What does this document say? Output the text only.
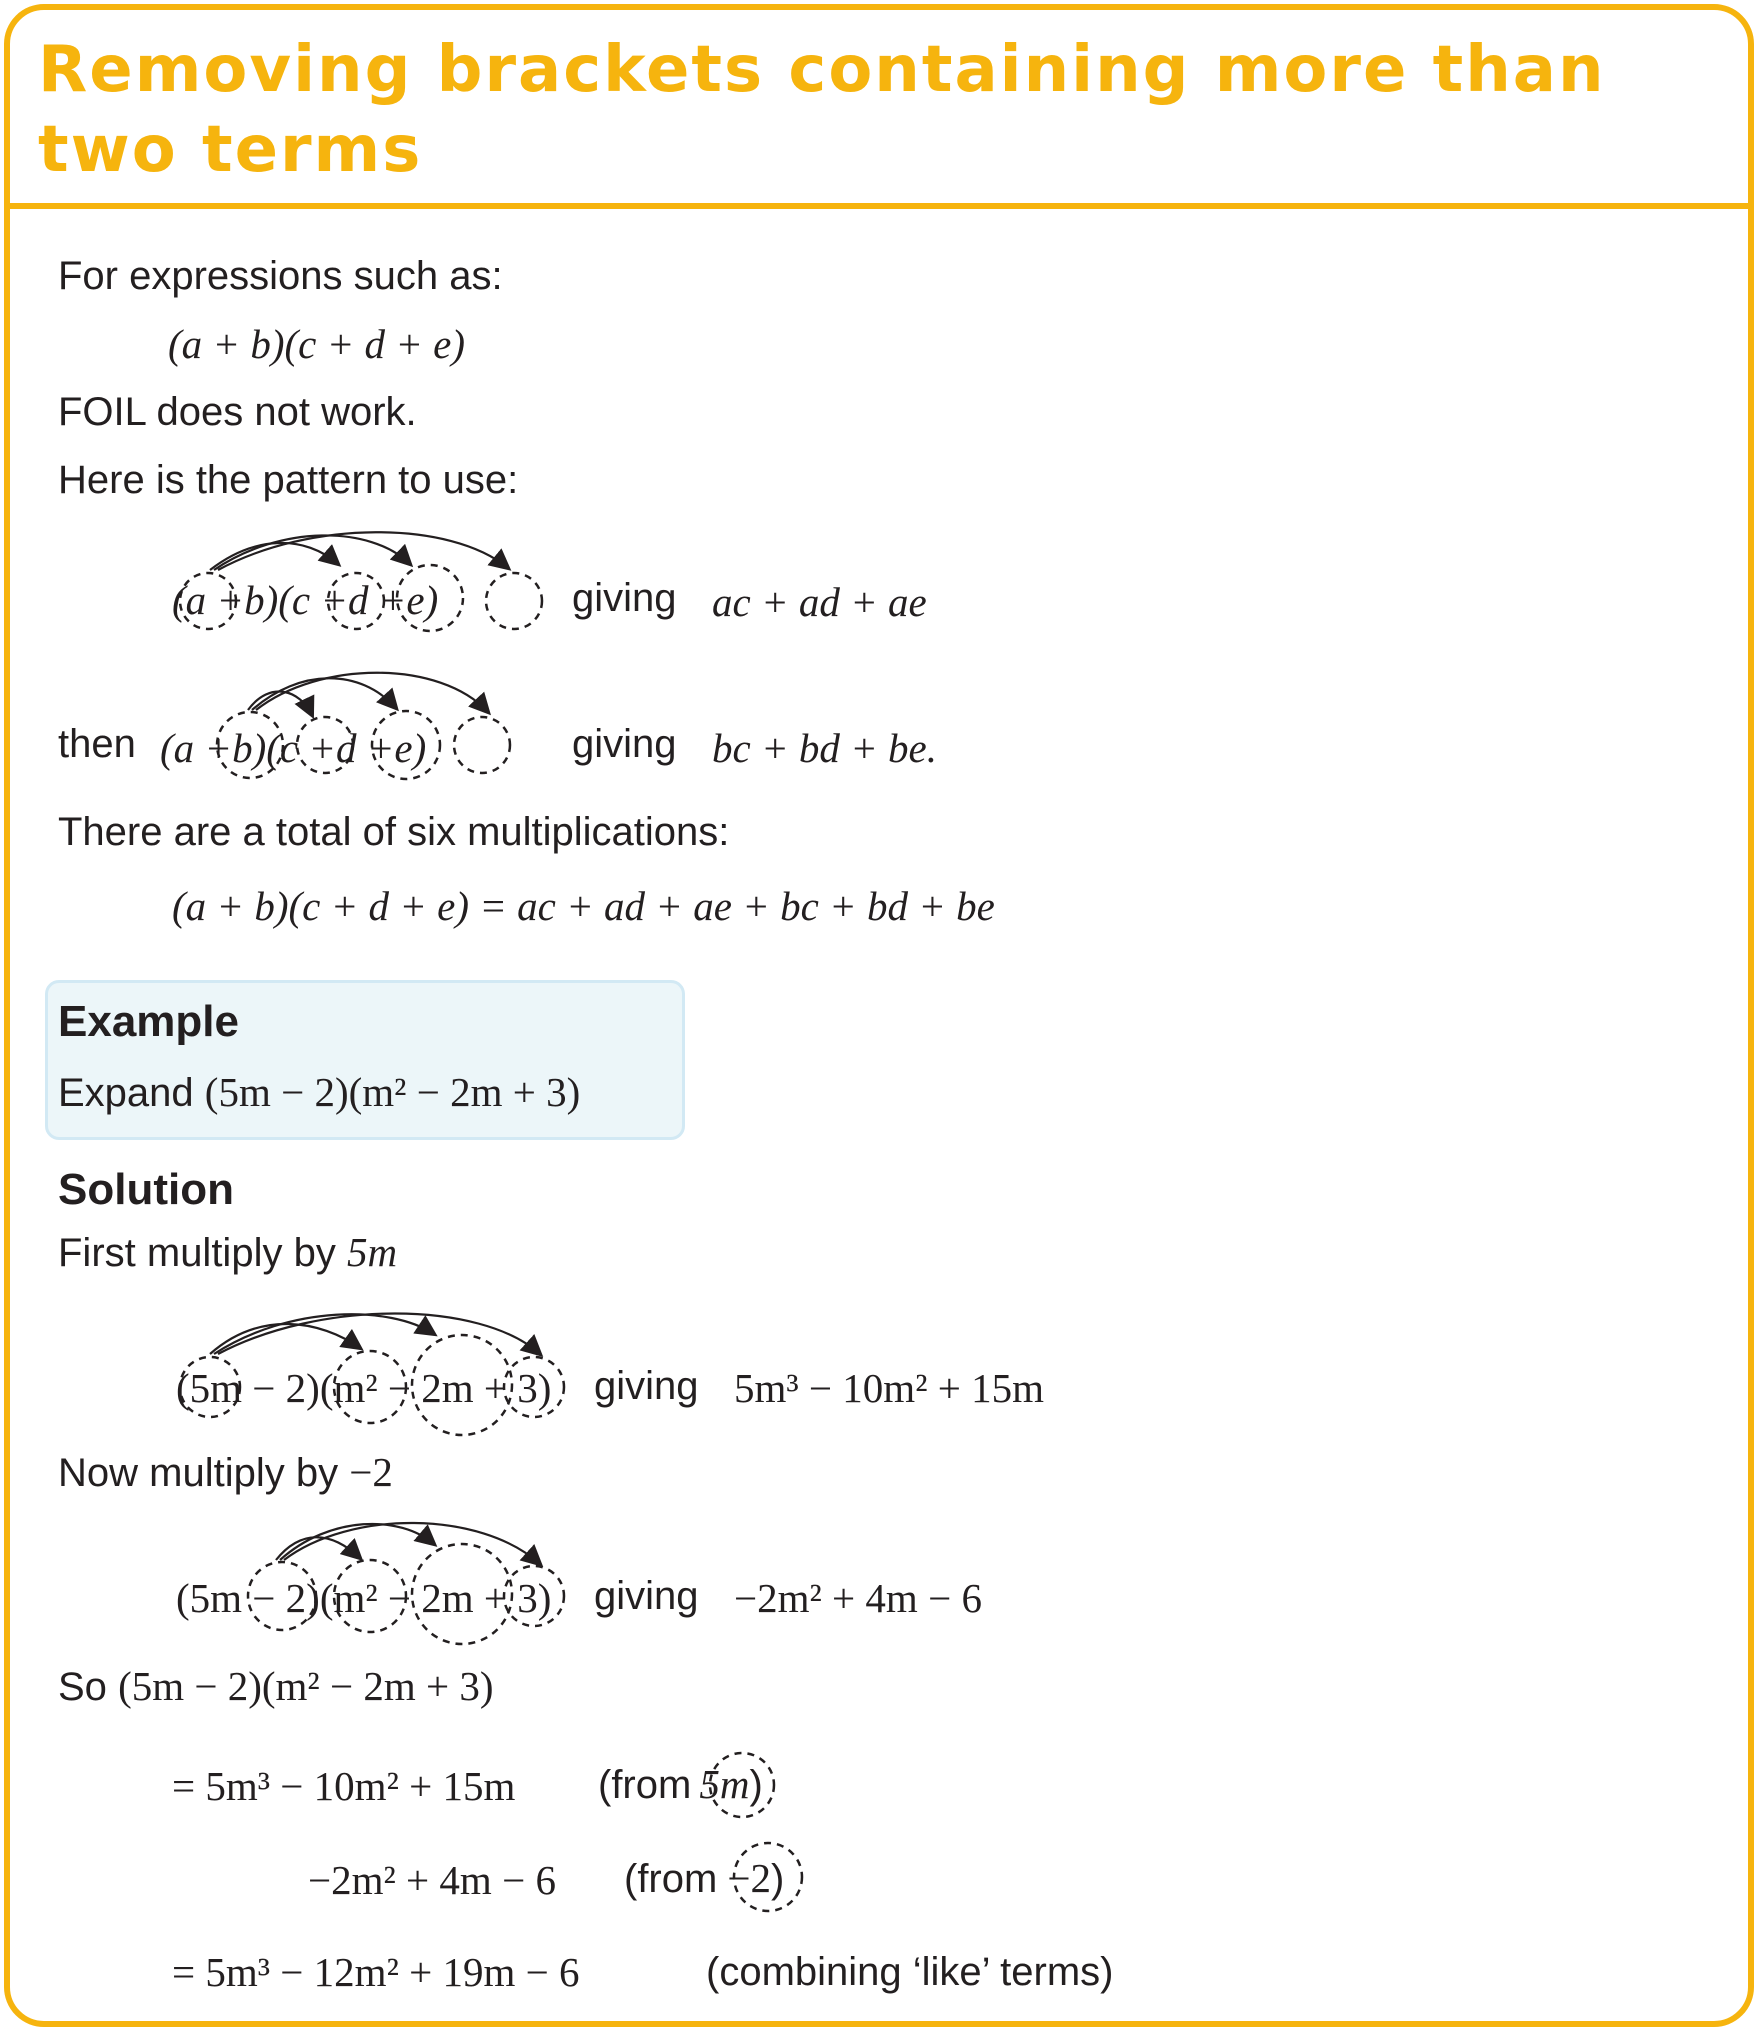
Removing brackets containing more than two terms
For expressions such as:
(a + b)(c + d + e)
FOIL does not work.
Here is the pattern to use:
(a +b)(c +d +e)	giving ac + ad + ae
then (a +b)(c +d +e)	giving bc + bd + be.
There are a total of six multiplications:
(a + b)(c + d + e) = ac + ad + ae + bc + bd + be
Example
Expand (5m − 2)(m² − 2m + 3)
Solution
First multiply by 5m
(5m − 2)(m² − 2m + 3) giving 5m³ − 10m² + 15m
Now multiply by −2
(5m − 2)(m² − 2m + 3) giving −2m² + 4m − 6
So (5m − 2)(m² − 2m + 3)
= 5m³ − 10m² + 15m (from 5m)
−2m² + 4m − 6 (from −2)
= 5m³ − 12m² + 19m − 6	(combining ‘like’ terms)
